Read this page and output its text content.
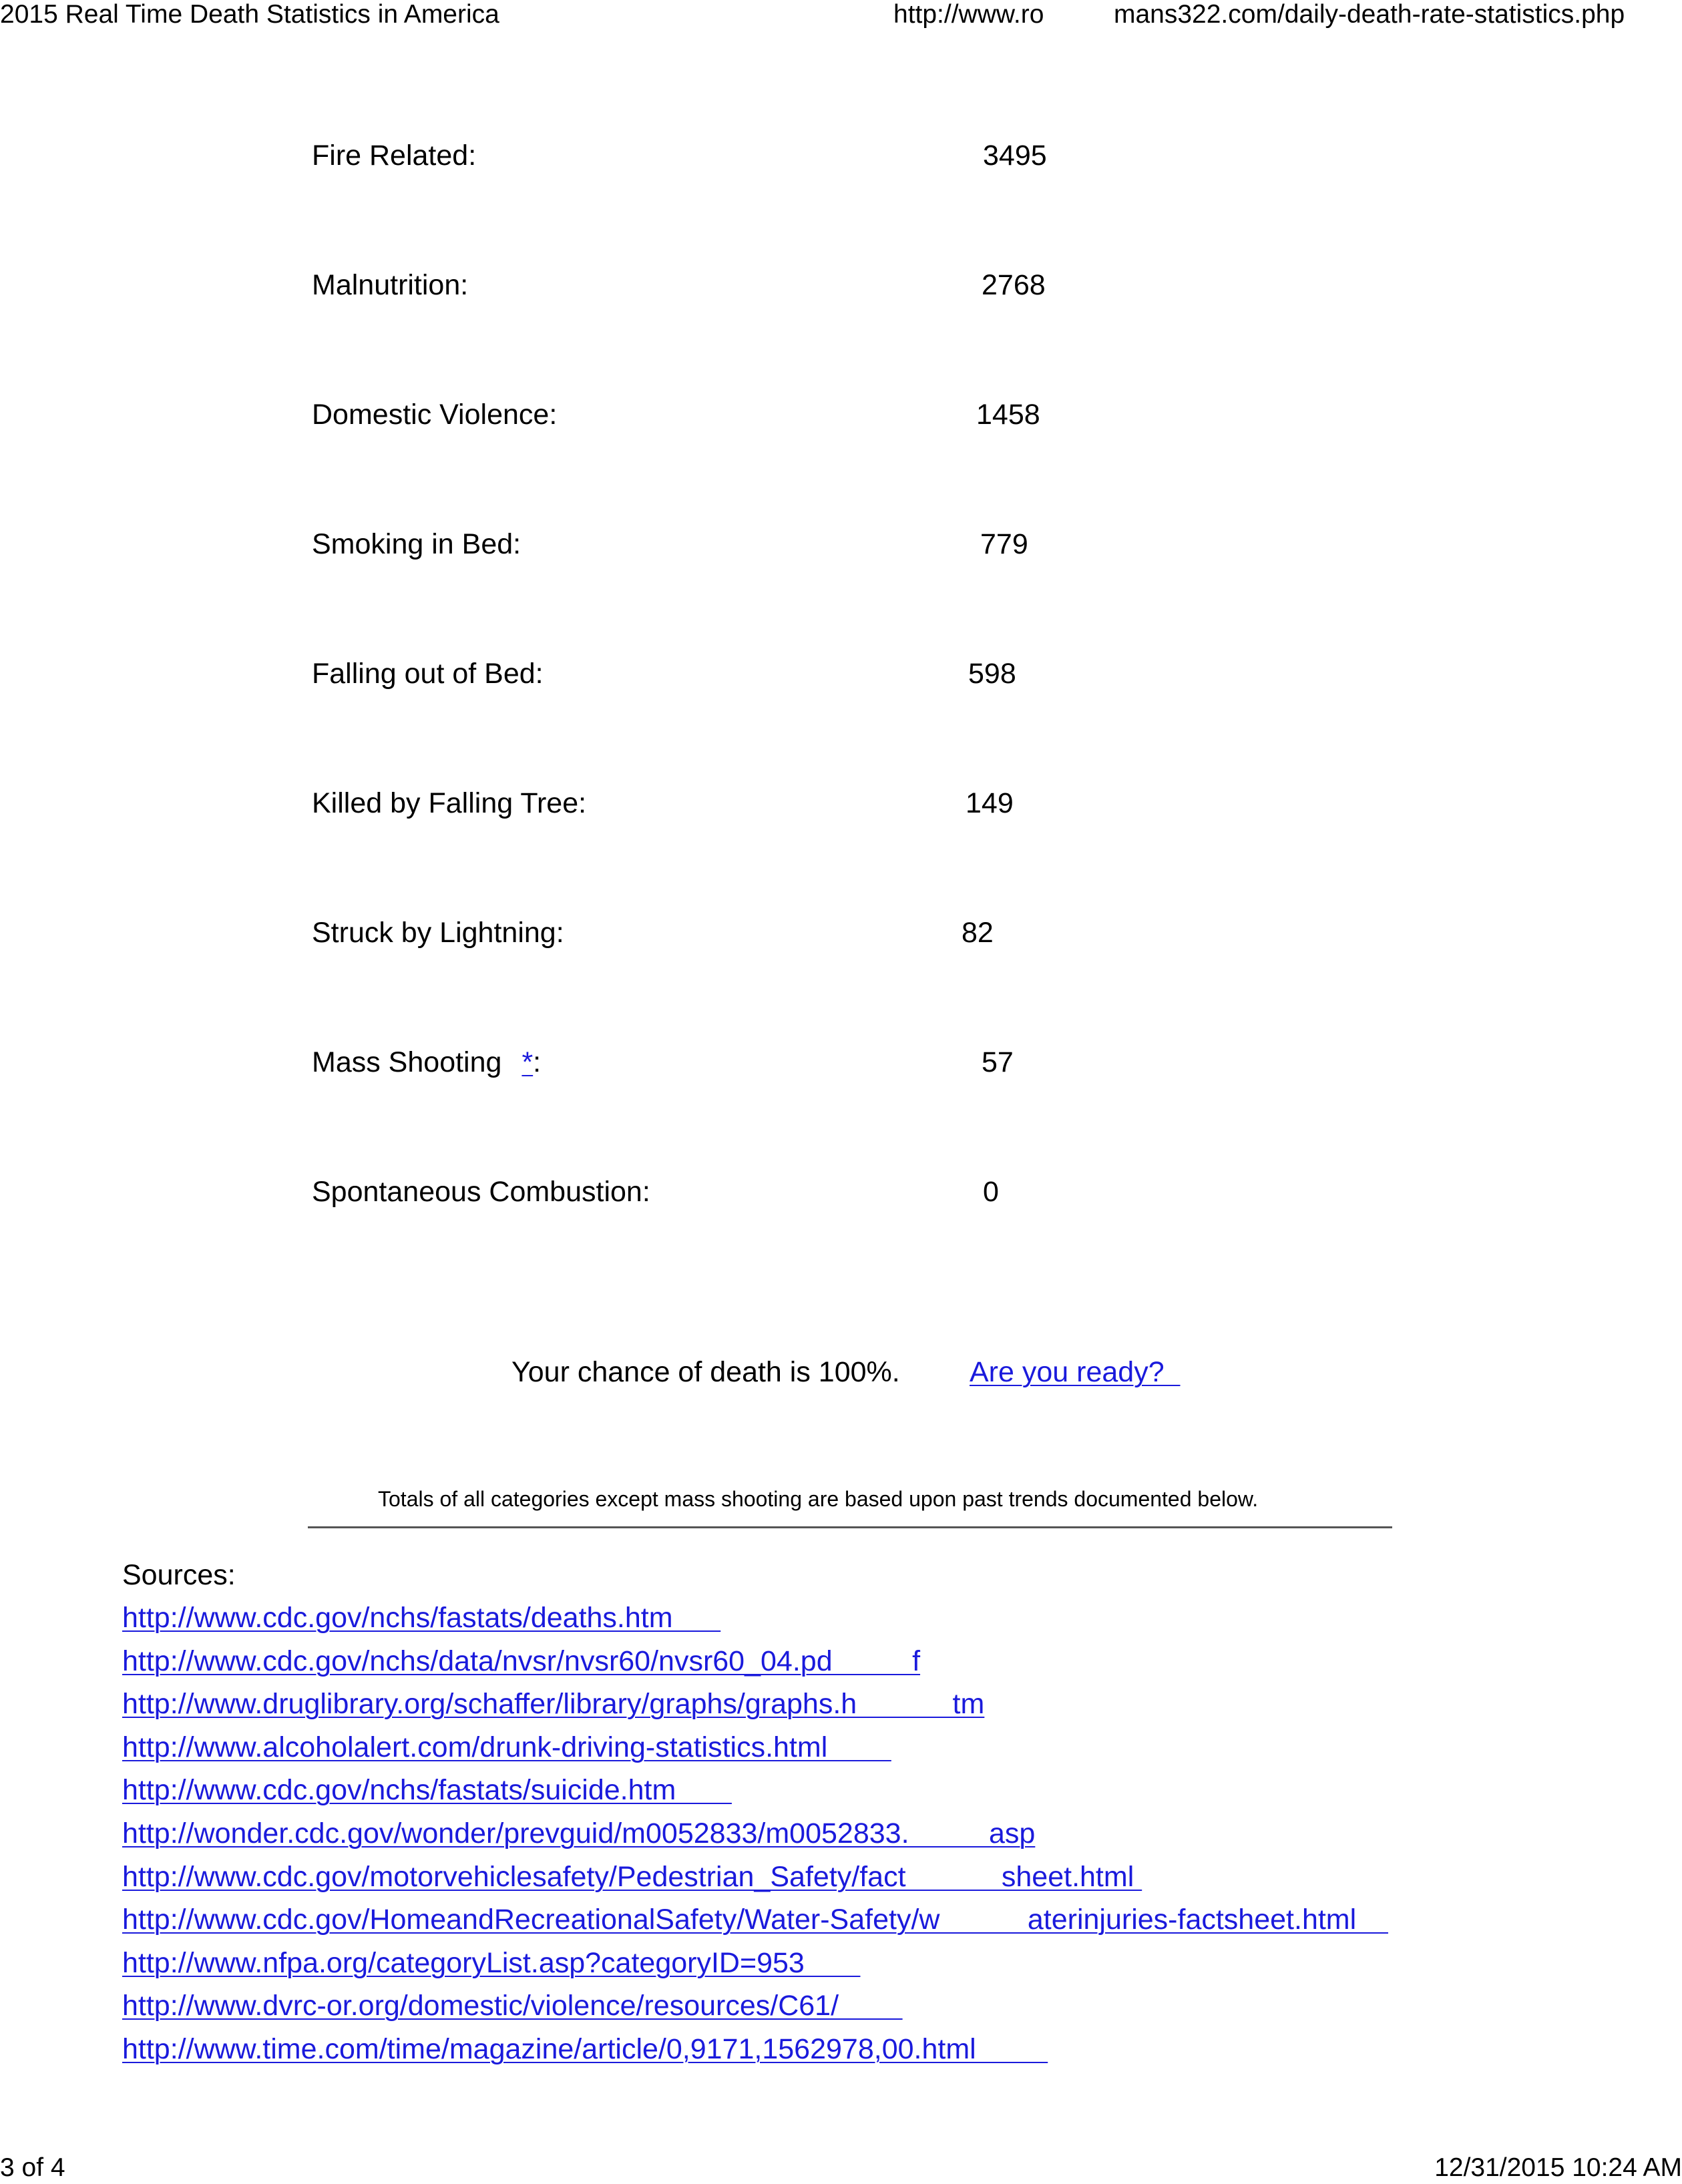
2015 Real Time Death Statistics in America	http://www.ro	mans322.com/daily-death-rate-statistics.php
Fire Related:	3495
Malnutrition:	2768
Domestic Violence:	1458
Smoking in Bed:	779
Falling out of Bed:	598
Killed by Falling Tree:	149
Struck by Lightning:	82
Mass Shooting *:	57
Spontaneous Combustion:	0
Your chance of death is 100%. Are you ready?
Totals of all categories except mass shooting are based upon past trends documented below.
Sources:
http://www.cdc.gov/nchs/fastats/deaths.htm
http://www.cdc.gov/nchs/data/nvsr/nvsr60/nvsr60_04.pd          f
http://www.druglibrary.org/schaffer/library/graphs/graphs.h            tm
http://www.alcoholalert.com/drunk-driving-statistics.html
http://www.cdc.gov/nchs/fastats/suicide.htm
http://wonder.cdc.gov/wonder/prevguid/m0052833/m0052833.          asp
http://www.cdc.gov/motorvehiclesafety/Pedestrian_Safety/fact            sheet.html
http://www.cdc.gov/HomeandRecreationalSafety/Water-Safety/w           aterinjuries-factsheet.html
http://www.nfpa.org/categoryList.asp?categoryID=953
http://www.dvrc-or.org/domestic/violence/resources/C61/
http://www.time.com/time/magazine/article/0,9171,1562978,00.html
3 of 4	12/31/2015 10:24 AM
